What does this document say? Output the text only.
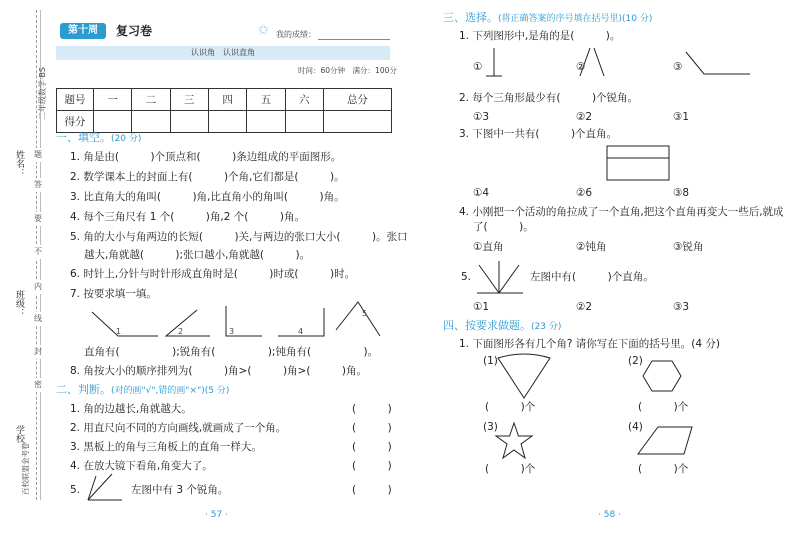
二年级数学·BS
姓名：
班级：
学校：
题
答
要
不
内
线
封
密
百校联盟金考卷
第十周	复习卷	✩ 我的成绩：
认识角　认识直角
时间：60分钟　满分：100分
题号	一	二	三	四	五	六	总分
得分							
一、填空。(20 分)
1. 角是由(　　　)个顶点和(　　　)条边组成的平面图形。
2. 数学课本上的封面上有(　　　)个角,它们都是(　　　)。
3. 比直角大的角叫(　　　)角,比直角小的角叫(　　　)角。
4. 每个三角尺有 1 个(　　　)角,2 个(　　　)角。
5. 角的大小与角两边的长短(　　　)关,与两边的张口大小(　　　)。张口
越大,角就越(　　　);张口越小,角就越(　　　)。
6. 时针上,分针与时针形成直角时是(　　　)时或(　　　)时。
7. 按要求填一填。
1	2	3	4
5
直角有(　　　　　);锐角有(　　　　　);钝角有(　　　　　)。
8. 角按大小的顺序排列为(　　　)角>(　　　)角>(　　　)角。
二、判断。(对的画"√",错的画"×")(5 分)
1. 角的边越长,角就越大。	(　　　)
2. 用直尺向不同的方向画线,就画成了一个角。	(　　　)
3. 黑板上的角与三角板上的直角一样大。	(　　　)
4. 在放大镜下看角,角变大了。	(　　　)
5.	左图中有 3 个锐角。	(　　　)
· 57 ·
三、选择。(将正确答案的序号填在括号里)(10 分)
1. 下列图形中,是角的是(　　　)。
①	②	③
2. 每个三角形最少有(　　　)个锐角。
①3	②2	③1
3. 下图中一共有(　　　)个直角。
①4	②6	③8
4. 小刚把一个活动的角拉成了一个直角,把这个直角再变大一些后,就成
了(　　　)。
①直角	②钝角	③锐角
5.	左图中有(　　　)个直角。
①1	②2	③3
四、按要求做题。(23 分)
1. 下面图形各有几个角? 请你写在下面的括号里。(4 分)
(1)	(2)
(　　　)个	(　　　)个
(3)	(4)
(　　　)个	(　　　)个
· 58 ·
